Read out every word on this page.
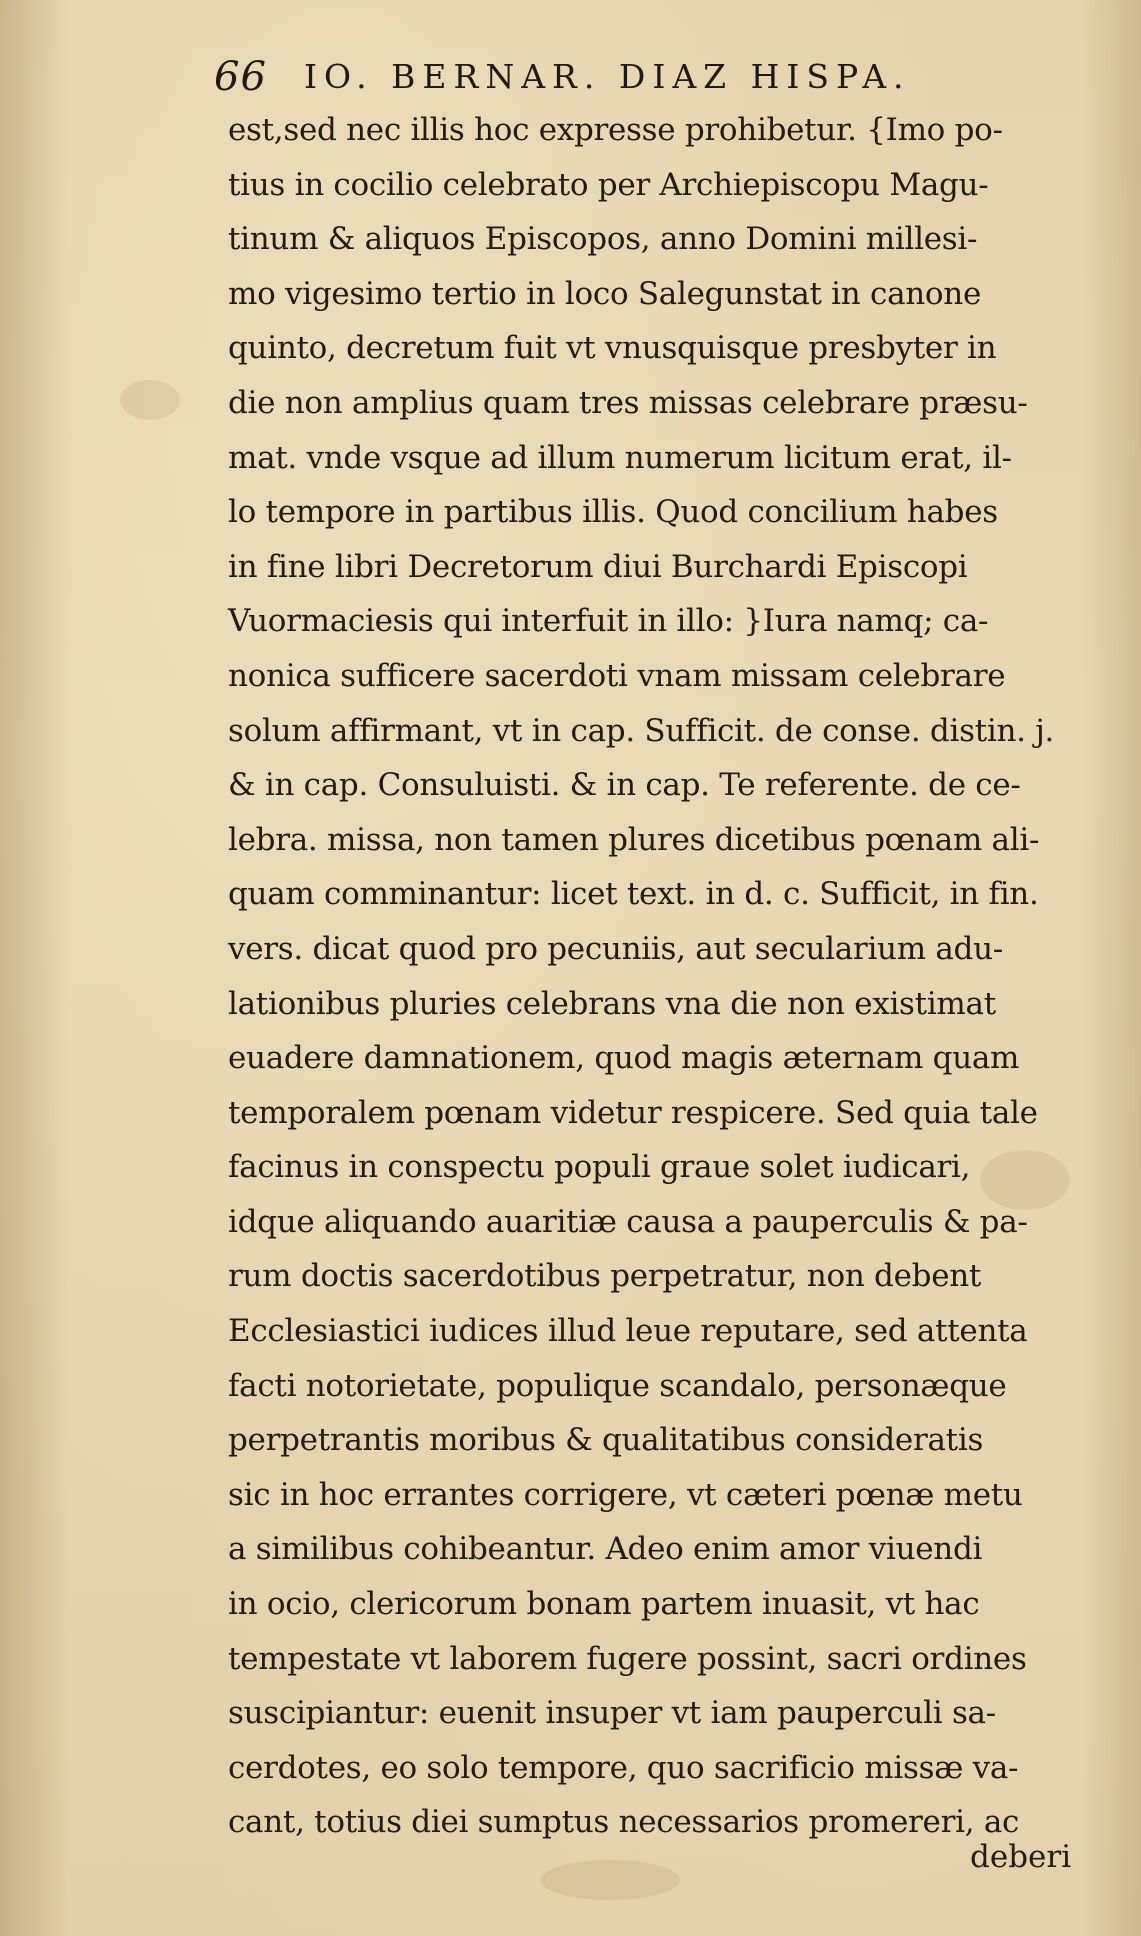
66 IO. BERNAR. DIAZ HISPA.
est,sed nec illis hoc expresse prohibetur. {Imo po-
tius in cocilio celebrato per Archiepiscopu Magu-
tinum & aliquos Episcopos, anno Domini millesi-
mo vigesimo tertio in loco Salegunstat in canone
quinto, decretum fuit vt vnusquisque presbyter in
die non amplius quam tres missas celebrare præsu-
mat. vnde vsque ad illum numerum licitum erat, il-
lo tempore in partibus illis. Quod concilium habes
in fine libri Decretorum diui Burchardi Episcopi
Vuormaciesis qui interfuit in illo: }Iura namq; ca-
nonica sufficere sacerdoti vnam missam celebrare
solum affirmant, vt in cap. Sufficit. de conse. distin. j.
& in cap. Consuluisti. & in cap. Te referente. de ce-
lebra. missa, non tamen plures dicetibus pœnam ali-
quam comminantur: licet text. in d. c. Sufficit, in fin.
vers. dicat quod pro pecuniis, aut secularium adu-
lationibus pluries celebrans vna die non existimat
euadere damnationem, quod magis æternam quam
temporalem pœnam videtur respicere. Sed quia tale
facinus in conspectu populi graue solet iudicari,
idque aliquando auaritiæ causa a pauperculis & pa-
rum doctis sacerdotibus perpetratur, non debent
Ecclesiastici iudices illud leue reputare, sed attenta
facti notorietate, populique scandalo, personæque
perpetrantis moribus & qualitatibus consideratis
sic in hoc errantes corrigere, vt cæteri pœnæ metu
a similibus cohibeantur. Adeo enim amor viuendi
in ocio, clericorum bonam partem inuasit, vt hac
tempestate vt laborem fugere possint, sacri ordines
suscipiantur: euenit insuper vt iam pauperculi sa-
cerdotes, eo solo tempore, quo sacrificio missæ va-
cant, totius diei sumptus necessarios promereri, ac
deberi
